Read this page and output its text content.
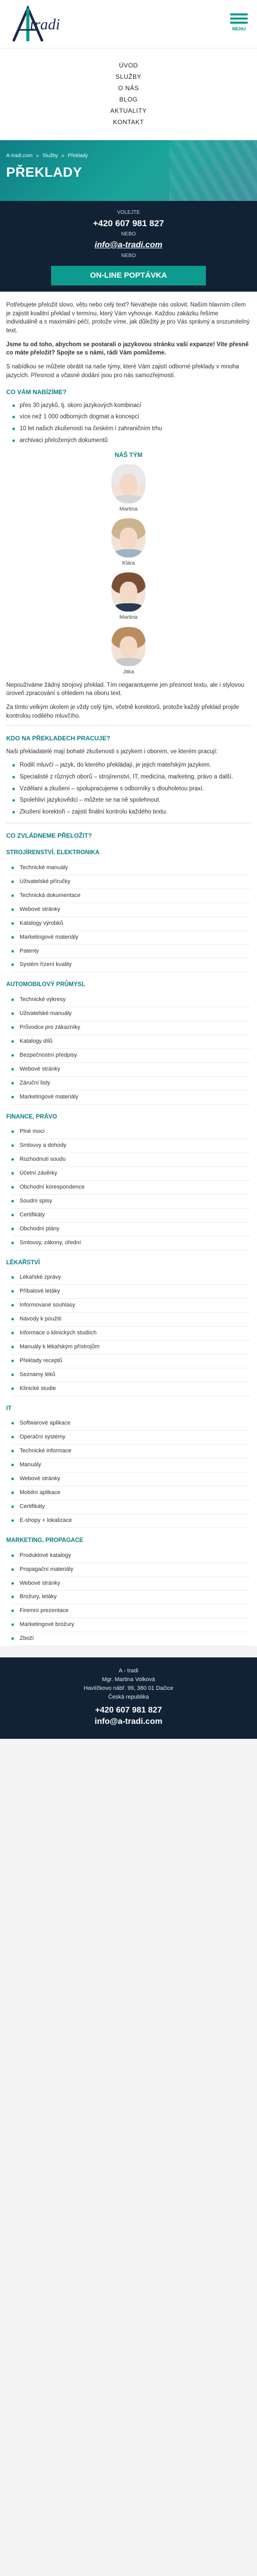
tradi	MENU
ÚVOD
SLUŽBY
O NÁS
BLOG
AKTUALITY
KONTAKT
A-tradi.com » Služby » Překlady
PŘEKLADY
VOLEJTE
+420 607 981 827
NEBO
info@a-tradi.com
NEBO
ON-LINE POPTÁVKA

Potřebujete přeložit slovo, větu nebo celý text? Neváhejte nás oslovit. Naším hlavním cílem je zajistit kvalitní překlad v termínu, který Vám vyhovuje. Každou zakázku řešíme individuálně a s maximální péčí, protože víme, jak důležitý je pro Vás správný a srozumitelný text.

Jsme tu od toho, abychom se postarali o jazykovou stránku vaší expanze! Víte přesně co máte přeložit? Spojte se s námi, rádi Vám pomůžeme.

S nabídkou se můžete obrátit na naše týmy, které Vám zajistí odborné překlady v mnoha jazycích. Přesnost a včasné dodání jsou pro nás samozřejmostí.

CO VÁM NABÍZÍME?
přes 30 jazyků, tj. skoro jazykových kombinací
více než 1 000 odborných dogmat a koncepcí
10 let našich zkušeností na českém i zahraničním trhu
archivaci přeložených dokumentů
NÁŠ TÝM
Martina
Klára
Martina
Jitka

Nepoužíváme žádný strojový překlad. Tím negarantujeme jen přesnost textu, ale i stylovou úroveň zpracování s ohledem na oboru text.

Za tímto velkým úkolem je vždy celý tým, včetně korektorů, protože každý překlad projde kontrolou rodilého mluvčího.

KDO NA PŘEKLADECH PRACUJE?

Naši překladatelé mají bohaté zkušenosti s jazykem i oborem, ve kterém pracují:

Rodilí mluvčí – jazyk, do kterého překládají, je jejich mateřským jazykem.
Specialisté z různých oborů – strojírenství, IT, medicína, marketing, právo a další.
Vzdělaní a zkušení – spolupracujeme s odborníky s dlouholetou praxí.
Spolehliví jazykovědci – můžete se na ně spolehnout.
Zkušení korektoři – zajistí finální kontrolu každého textu.
CO ZVLÁDNEME PŘELOŽIT?
STROJÍRENSTVÍ, ELEKTRONIKA
Technické manuály
Uživatelské příručky
Technická dokumentace
Webové stránky
Katalogy výrobků
Marketingové materiály
Patenty
Systém řízení kvality
AUTOMOBILOVÝ PRŮMYSL
Technické výkresy
Uživatelské manuály
Průvodce pro zákazníky
Katalogy dílů
Bezpečnostní předpisy
Webové stránky
Záruční listy
Marketingové materiály
FINANCE, PRÁVO
Plné moci
Smlouvy a dohody
Rozhodnutí soudu
Účetní závěrky
Obchodní korespondence
Soudní spisy
Certifikáty
Obchodní plány
Smlouvy, zákony, úřední
LÉKAŘSTVÍ
Lékařské zprávy
Příbalové letáky
Informované souhlasy
Návody k použití
Informace o klinických studiích
Manuály k lékařským přístrojům
Překlady receptů
Seznamy léků
Klinické studie
IT
Softwarové aplikace
Operační systémy
Technické informace
Manuály
Webové stránky
Mobilní aplikace
Certifikáty
E-shopy + lokalizace
MARKETING, PROPAGACE
Produktové katalogy
Propagační materiály
Webové stránky
Brožury, letáky
Firemní prezentace
Marketingové brožury
Zboží
A - tradi
Mgr. Martina Volková
Havlíčkovo nábř. 99, 380 01 Dačice
Česká republika
+420 607 981 827
info@a-tradi.com
